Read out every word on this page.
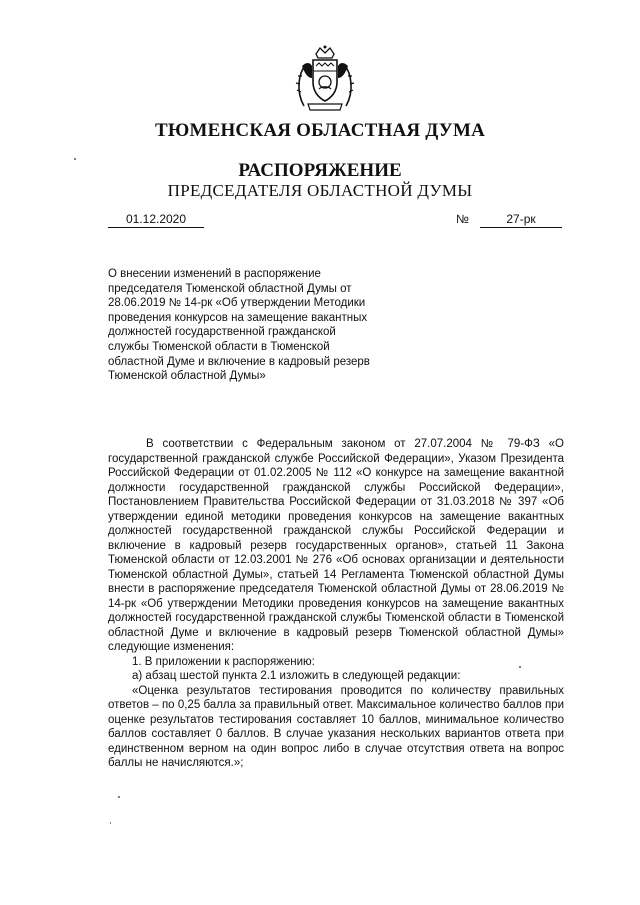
ТЮМЕНСКАЯ ОБЛАСТНАЯ ДУМА
РАСПОРЯЖЕНИЕ
ПРЕДСЕДАТЕЛЯ ОБЛАСТНОЙ ДУМЫ
01.12.2020	№	27-рк

О внесении изменений в распоряжение председателя Тюменской областной Думы от 28.06.2019 № 14-рк «Об утверждении Методики проведения конкурсов на замещение вакантных должностей государственной гражданской службы Тюменской области в Тюменской областной Думе и включение в кадровый резерв Тюменской областной Думы»

В соответствии с Федеральным законом от 27.07.2004 № 79-ФЗ «О государственной гражданской службе Российской Федерации», Указом Президента Российской Федерации от 01.02.2005 № 112 «О конкурсе на замещение вакантной должности государственной гражданской службы Российской Федерации», Постановлением Правительства Российской Федерации от 31.03.2018 № 397 «Об утверждении единой методики проведения конкурсов на замещение вакантных должностей государственной гражданской службы Российской Федерации и включение в кадровый резерв государственных органов», статьей 11 Закона Тюменской области от 12.03.2001 № 276 «Об основах организации и деятельности Тюменской областной Думы», статьей 14 Регламента Тюменской областной Думы внести в распоряжение председателя Тюменской областной Думы от 28.06.2019 № 14-рк «Об утверждении Методики проведения конкурсов на замещение вакантных должностей государственной гражданской службы Тюменской области в Тюменской областной Думе и включение в кадровый резерв Тюменской областной Думы» следующие изменения:

1. В приложении к распоряжению:

а) абзац шестой пункта 2.1 изложить в следующей редакции:

«Оценка результатов тестирования проводится по количеству правильных ответов – по 0,25 балла за правильный ответ. Максимальное количество баллов при оценке результатов тестирования составляет 10 баллов, минимальное количество баллов составляет 0 баллов. В случае указания нескольких вариантов ответа при единственном верном на один вопрос либо в случае отсутствия ответа на вопрос баллы не начисляются.»;
